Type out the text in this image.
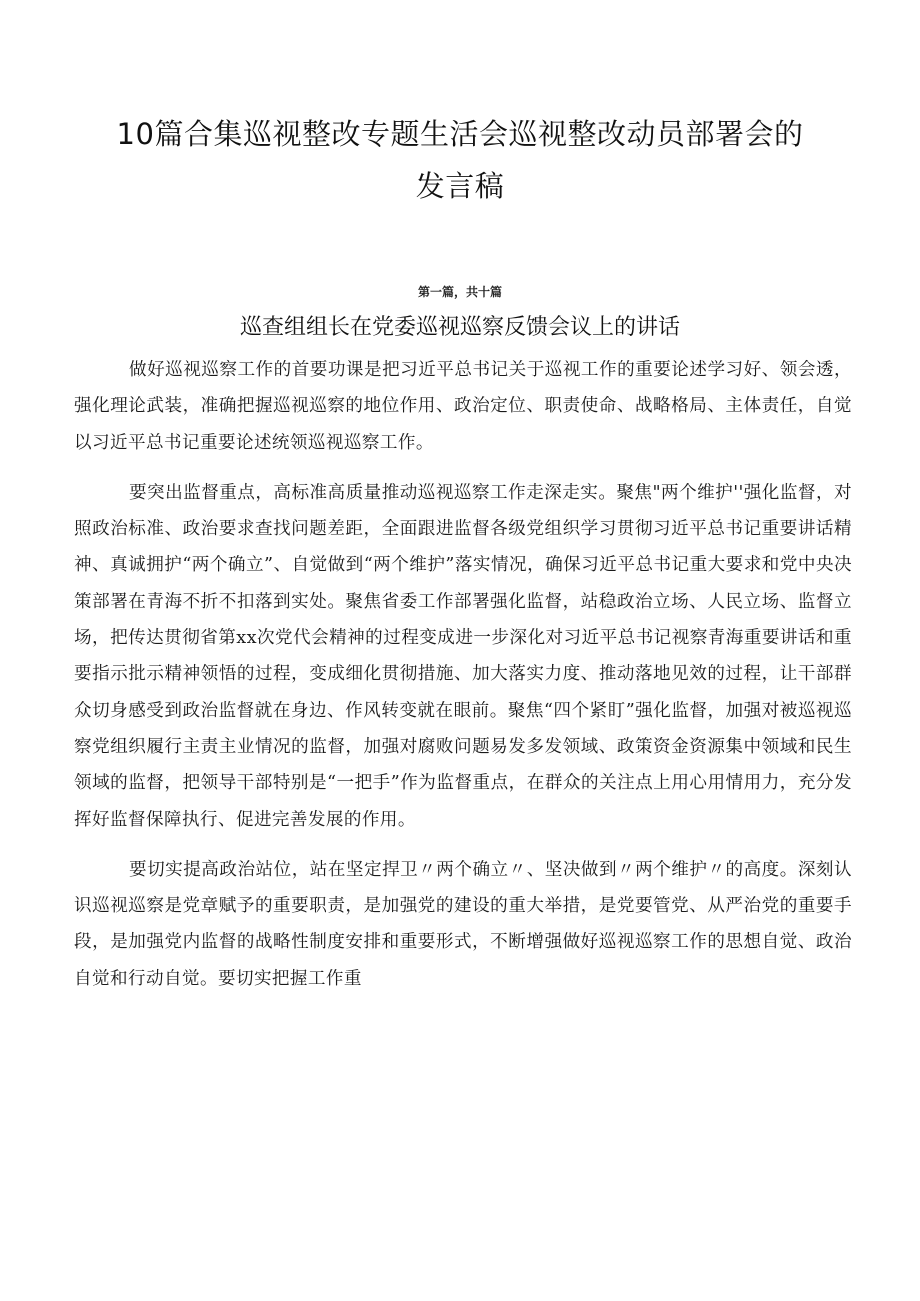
10篇合集巡视整改专题生活会巡视整改动员部署会的
发言稿
第一篇，共十篇
巡查组组长在党委巡视巡察反馈会议上的讲话

做好巡视巡察工作的首要功课是把习近平总书记关于巡视工作的重要论述学习好、领会透，强化理论武装，准确把握巡视巡察的地位作用、政治定位、职责使命、战略格局、主体责任，自觉以习近平总书记重要论述统领巡视巡察工作。

要突出监督重点，高标准高质量推动巡视巡察工作走深走实。聚焦"两个维护''强化监督，对照政治标准、政治要求查找问题差距，全面跟进监督各级党组织学习贯彻习近平总书记重要讲话精神、真诚拥护“两个确立”、自觉做到“两个维护”落实情况，确保习近平总书记重大要求和党中央决策部署在青海不折不扣落到实处。聚焦省委工作部署强化监督，站稳政治立场、人民立场、监督立场，把传达贯彻省第xx次党代会精神的过程变成进一步深化对习近平总书记视察青海重要讲话和重要指示批示精神领悟的过程，变成细化贯彻措施、加大落实力度、推动落地见效的过程，让干部群众切身感受到政治监督就在身边、作风转变就在眼前。聚焦“四个紧盯”强化监督，加强对被巡视巡察党组织履行主责主业情况的监督，加强对腐败问题易发多发领域、政策资金资源集中领域和民生领域的监督，把领导干部特别是“一把手”作为监督重点，在群众的关注点上用心用情用力，充分发挥好监督保障执行、促进完善发展的作用。

要切实提高政治站位，站在坚定捍卫〃两个确立〃、坚决做到〃两个维护〃的高度。深刻认识巡视巡察是党章赋予的重要职责，是加强党的建设的重大举措，是党要管党、从严治党的重要手段，是加强党内监督的战略性制度安排和重要形式，不断增强做好巡视巡察工作的思想自觉、政治自觉和行动自觉。要切实把握工作重
